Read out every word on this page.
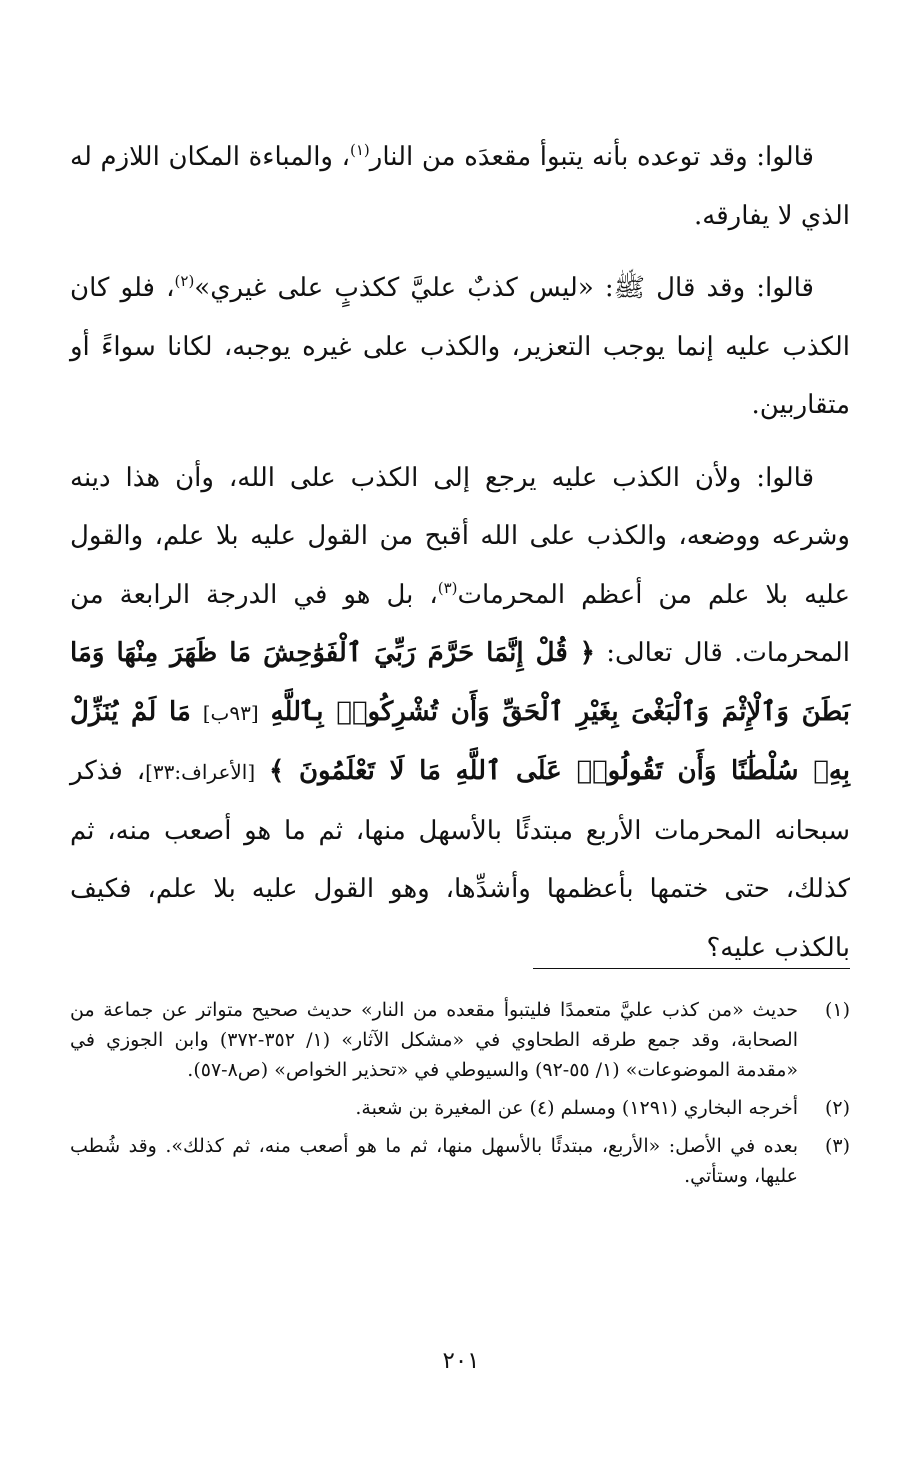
قالوا: وقد توعده بأنه يتبوأ مقعدَه من النار$^{(١)}$، والمباءة المكان اللازم له الذي لا يفارقه.

قالوا: وقد قال ﷺ: «ليس كذبٌ عليَّ ككذبٍ على غيري»$^{(٢)}$، فلو كان الكذب عليه إنما يوجب التعزير، والكذب على غيره يوجبه، لكانا سواءً أو متقاربين.

قالوا: ولأن الكذب عليه يرجع إلى الكذب على الله، وأن هذا دينه وشرعه ووضعه، والكذب على الله أقبح من القول عليه بلا علم، والقول عليه بلا علم من أعظم المحرمات$^{(٣)}$، بل هو في الدرجة الرابعة من المحرمات. قال تعالى: ﴿ قُلْ إِنَّمَا حَرَّمَ رَبِّيَ ٱلْفَوَٰحِشَ مَا ظَهَرَ مِنْهَا وَمَا بَطَنَ وَٱلْإِثْمَ وَٱلْبَغْىَ بِغَيْرِ ٱلْحَقِّ وَأَن تُشْرِكُوا۟ بِٱللَّهِ [٩٣ب] مَا لَمْ يُنَزِّلْ بِهِۦ سُلْطَٰنًا وَأَن تَقُولُوا۟ عَلَى ٱللَّهِ مَا لَا تَعْلَمُونَ ﴾ [الأعراف:٣٣]، فذكر سبحانه المحرمات الأربع مبتدئًا بالأسهل منها، ثم ما هو أصعب منه، ثم كذلك، حتى ختمها بأعظمها وأشدِّها، وهو القول عليه بلا علم، فكيف بالكذب عليه؟

(١)
حديث «من كذب عليَّ متعمدًا فليتبوأ مقعده من النار» حديث صحيح متواتر عن جماعة من الصحابة، وقد جمع طرقه الطحاوي في «مشكل الآثار» (١/ ٣٥٢-٣٧٢) وابن الجوزي في «مقدمة الموضوعات» (١/ ٥٥-٩٢) والسيوطي في «تحذير الخواص» (ص٨-٥٧).
(٢)
أخرجه البخاري (١٢٩١) ومسلم (٤) عن المغيرة بن شعبة.
(٣)
بعده في الأصل: «الأربع، مبتدئًا بالأسهل منها، ثم ما هو أصعب منه، ثم كذلك». وقد شُطب عليها، وستأتي.
٢٠١
